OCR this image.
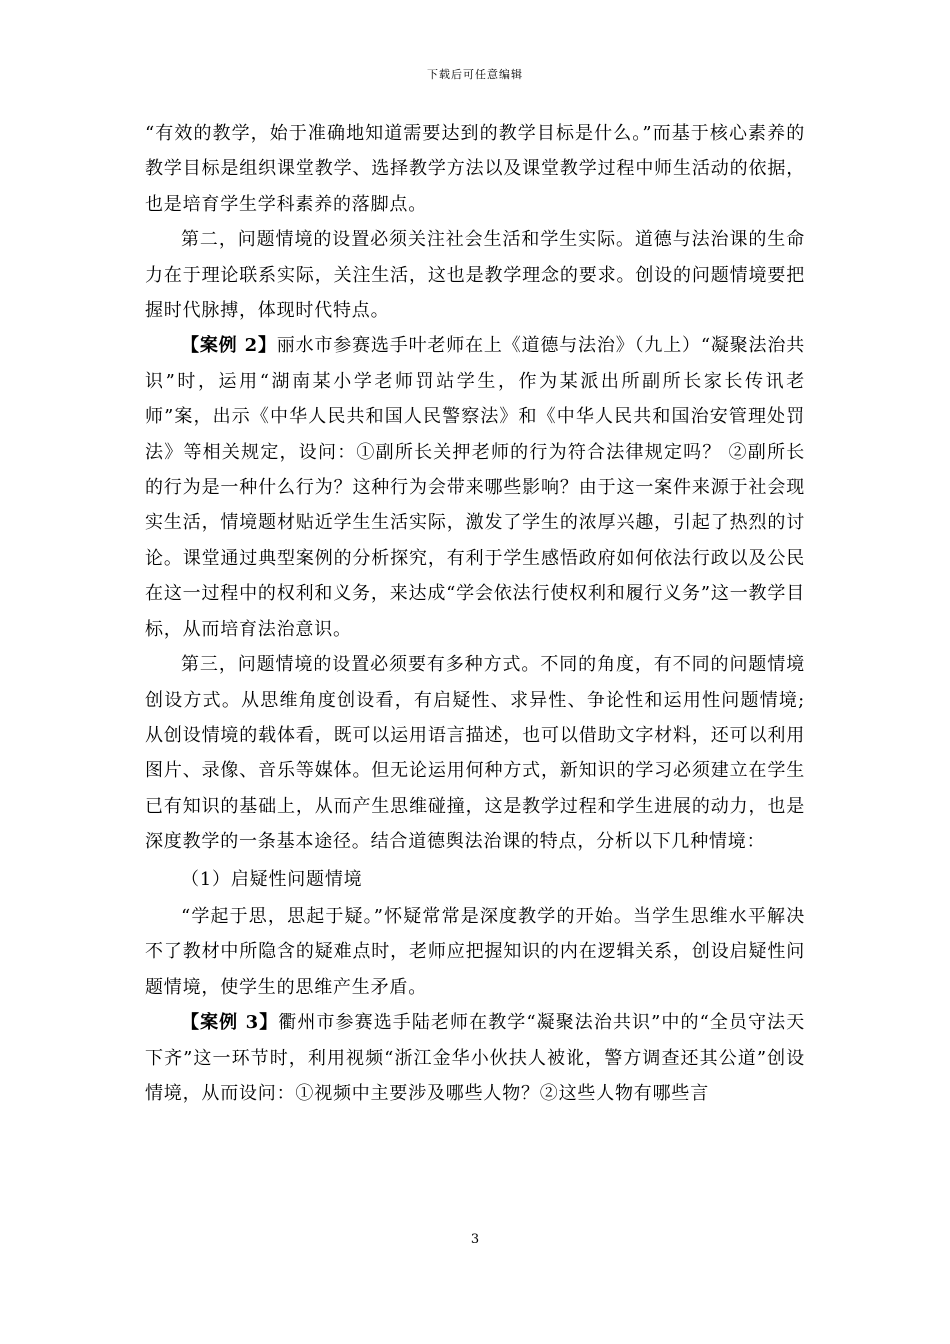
下载后可任意编辑

“有效的教学，始于准确地知道需要达到的教学目标是什么。”而基于核心素养的教学目标是组织课堂教学、选择教学方法以及课堂教学过程中师生活动的依据，也是培育学生学科素养的落脚点。

第二，问题情境的设置必须关注社会生活和学生实际。道德与法治课的生命力在于理论联系实际，关注生活，这也是教学理念的要求。创设的问题情境要把握时代脉搏，体现时代特点。

【案例 2】丽水市参赛选手叶老师在上《道德与法治》（九上）“凝聚法治共识”时，运用“湖南某小学老师罚站学生，作为某派出所副所长家长传讯老师”案，出示《中华人民共和国人民警察法》和《中华人民共和国治安管理处罚法》等相关规定，设问：①副所长关押老师的行为符合法律规定吗？ ②副所长的行为是一种什么行为？这种行为会带来哪些影响？由于这一案件来源于社会现实生活，情境题材贴近学生生活实际，激发了学生的浓厚兴趣，引起了热烈的讨论。课堂通过典型案例的分析探究，有利于学生感悟政府如何依法行政以及公民在这一过程中的权利和义务，来达成“学会依法行使权利和履行义务”这一教学目标，从而培育法治意识。

第三，问题情境的设置必须要有多种方式。不同的角度，有不同的问题情境创设方式。从思维角度创设看，有启疑性、求异性、争论性和运用性问题情境;从创设情境的载体看，既可以运用语言描述，也可以借助文字材料，还可以利用图片、录像、音乐等媒体。但无论运用何种方式，新知识的学习必须建立在学生已有知识的基础上，从而产生思维碰撞，这是教学过程和学生进展的动力，也是深度教学的一条基本途径。结合道德舆法治课的特点，分析以下几种情境：

（1）启疑性问题情境

“学起于思，思起于疑。”怀疑常常是深度教学的开始。当学生思维水平解决不了教材中所隐含的疑难点时，老师应把握知识的内在逻辑关系，创设启疑性问题情境，使学生的思维产生矛盾。

【案例 3】衢州市参赛选手陆老师在教学“凝聚法治共识”中的“全员守法天下齐”这一环节时，利用视频“浙江金华小伙扶人被讹，警方调查还其公道”创设情境，从而设问：①视频中主要涉及哪些人物？②这些人物有哪些言

3
